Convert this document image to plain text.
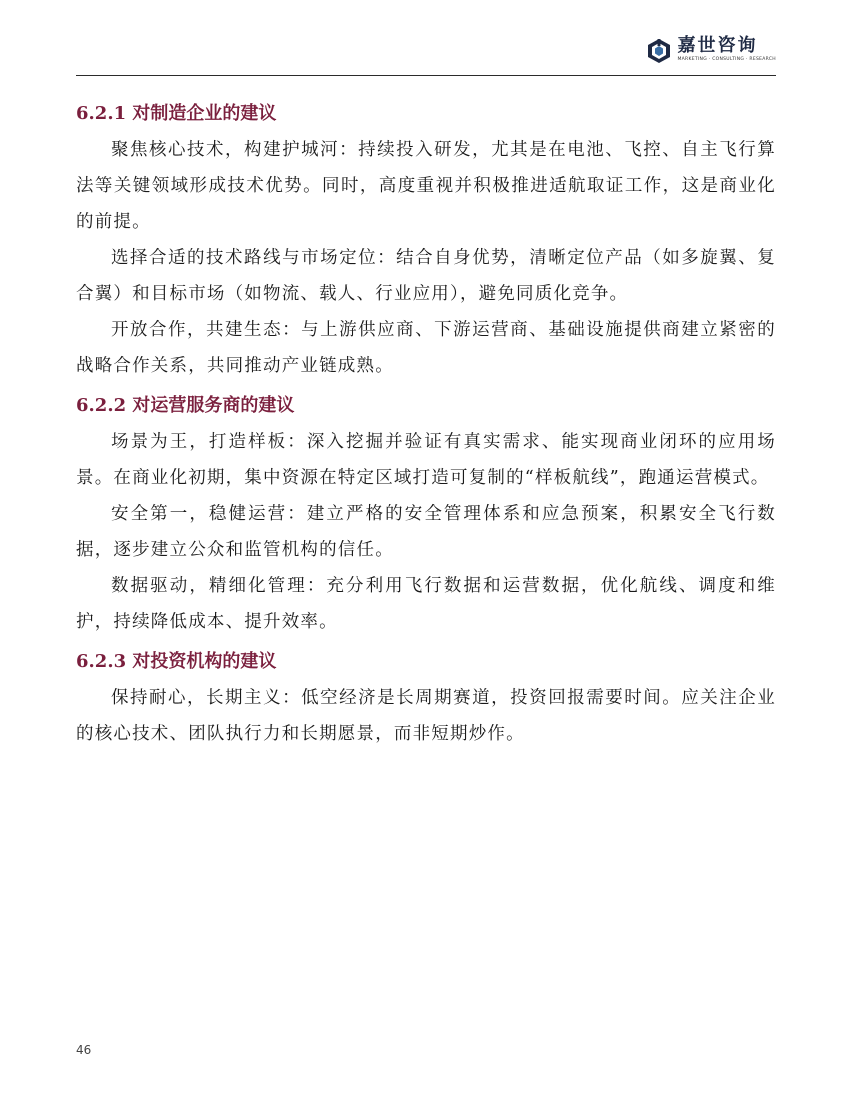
嘉世咨询
MARKETING · CONSULTING · RESEARCH
6.2.1 对制造企业的建议

聚焦核心技术，构建护城河：持续投入研发，尤其是在电池、飞控、自主飞行算法等关键领域形成技术优势。同时，高度重视并积极推进适航取证工作，这是商业化的前提。

选择合适的技术路线与市场定位：结合自身优势，清晰定位产品（如多旋翼、复合翼）和目标市场（如物流、载人、行业应用），避免同质化竞争。

开放合作，共建生态：与上游供应商、下游运营商、基础设施提供商建立紧密的战略合作关系，共同推动产业链成熟。

6.2.2 对运营服务商的建议

场景为王，打造样板：深入挖掘并验证有真实需求、能实现商业闭环的应用场景。在商业化初期，集中资源在特定区域打造可复制的“样板航线”，跑通运营模式。

安全第一，稳健运营：建立严格的安全管理体系和应急预案，积累安全飞行数据，逐步建立公众和监管机构的信任。

数据驱动，精细化管理：充分利用飞行数据和运营数据，优化航线、调度和维护，持续降低成本、提升效率。

6.2.3 对投资机构的建议

保持耐心，长期主义：低空经济是长周期赛道，投资回报需要时间。应关注企业的核心技术、团队执行力和长期愿景，而非短期炒作。

46
